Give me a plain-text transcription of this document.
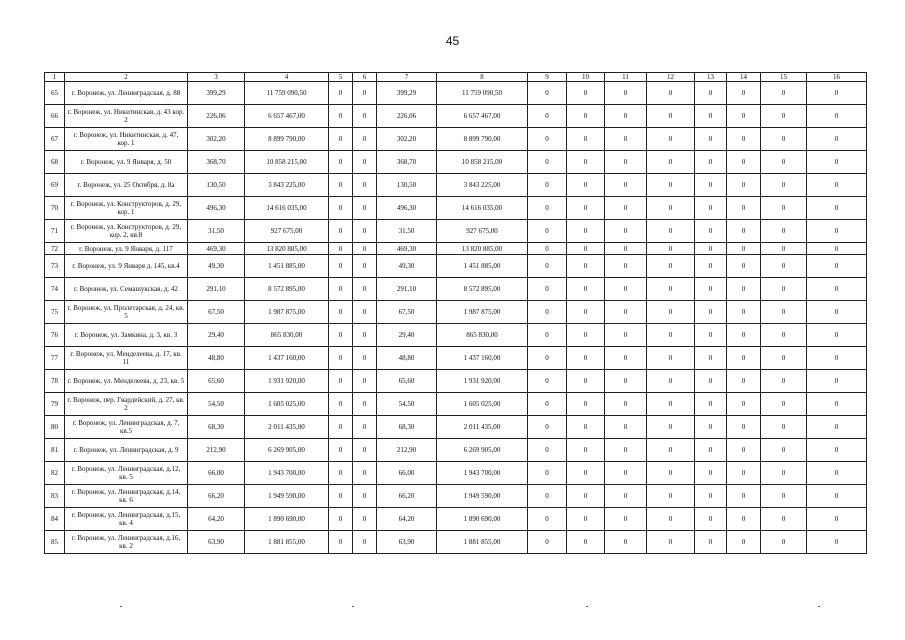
45
1	2	3	4	5	6	7	8	9	10	11	12	13	14	15	16
65	г. Воронеж, ул. Ленинградская, д. 88	399,29	11 759 090,50	0	0	399,29	11 759 090,50	0	0	0	0	0	0	0	0
66	г. Воронеж, ул. Никитинская, д. 43 кор. 2	226,06	6 657 467,00	0	0	226,06	6 657 467,00	0	0	0	0	0	0	0	0
67	г. Воронеж, ул. Никитинская, д. 47, кор. 1	302,20	8 899 790,00	0	0	302,20	8 899 790,00	0	0	0	0	0	0	0	0
68	г. Воронеж, ул. 9 Января, д. 50	368,70	10 858 215,00	0	0	368,70	10 858 215,00	0	0	0	0	0	0	0	0
69	г. Воронеж, ул. 25 Октября, д. 8а	130,50	3 843 225,00	0	0	130,50	3 843 225,00	0	0	0	0	0	0	0	0
70	г. Воронеж, ул. Конструкторов, д. 29, кор. 1	496,30	14 616 035,00	0	0	496,30	14 616 035,00	0	0	0	0	0	0	0	0
71	г. Воронеж, ул. Конструкторов, д. 29, кор. 2, кв.8	31,50	927 675,00	0	0	31,50	927 675,00	0	0	0	0	0	0	0	0
72	г. Воронеж, ул. 9 Января, д. 117	469,30	13 820 885,00	0	0	469,30	13 820 885,00	0	0	0	0	0	0	0	0
73	г. Воронеж, ул. 9 Января д. 145, кв.4	49,30	1 451 885,00	0	0	49,30	1 451 885,00	0	0	0	0	0	0	0	0
74	г. Воронеж, ул. Семашукская, д. 42	291,10	8 572 895,00	0	0	291,10	8 572 895,00	0	0	0	0	0	0	0	0
75	г. Воронеж, ул. Пролетарская, д. 24, кв. 5	67,50	1 987 875,00	0	0	67,50	1 987 875,00	0	0	0	0	0	0	0	0
76	г. Воронеж, ул. Замкина, д. 3, кв. 3	29,40	865 830,00	0	0	29,40	865 830,00	0	0	0	0	0	0	0	0
77	г. Воронеж, ул. Менделеева, д. 17, кв. 11	48,80	1 437 160,00	0	0	48,80	1 437 160,00	0	0	0	0	0	0	0	0
78	г. Воронеж, ул. Менделеева, д. 23, кв. 5	65,60	1 931 920,00	0	0	65,60	1 931 920,00	0	0	0	0	0	0	0	0
79	г. Воронеж, пер. Гвардейский, д. 27, кв. 2	54,50	1 605 025,00	0	0	54,50	1 605 025,00	0	0	0	0	0	0	0	0
80	г. Воронеж, ул. Ленинградская, д. 7, кв.5	68,30	2 011 435,00	0	0	68,30	2 011 435,00	0	0	0	0	0	0	0	0
81	г. Воронеж, ул. Ленинградская, д. 9	212,90	6 269 905,00	0	0	212,90	6 269 905,00	0	0	0	0	0	0	0	0
82	г. Воронеж, ул. Ленинградская, д.12, кв. 5	66,00	1 943 700,00	0	0	66,00	1 943 700,00	0	0	0	0	0	0	0	0
83	г. Воронеж, ул. Ленинградская, д.14, кв. 6	66,20	1 949 590,00	0	0	66,20	1 949 590,00	0	0	0	0	0	0	0	0
84	г. Воронеж, ул. Ленинградская, д.15, кв. 4	64,20	1 890 690,00	0	0	64,20	1 890 690,00	0	0	0	0	0	0	0	0
85	г. Воронеж, ул. Ленинградская, д.16, кв. 2	63,90	1 881 855,00	0	0	63,90	1 881 855,00	0	0	0	0	0	0	0	0
